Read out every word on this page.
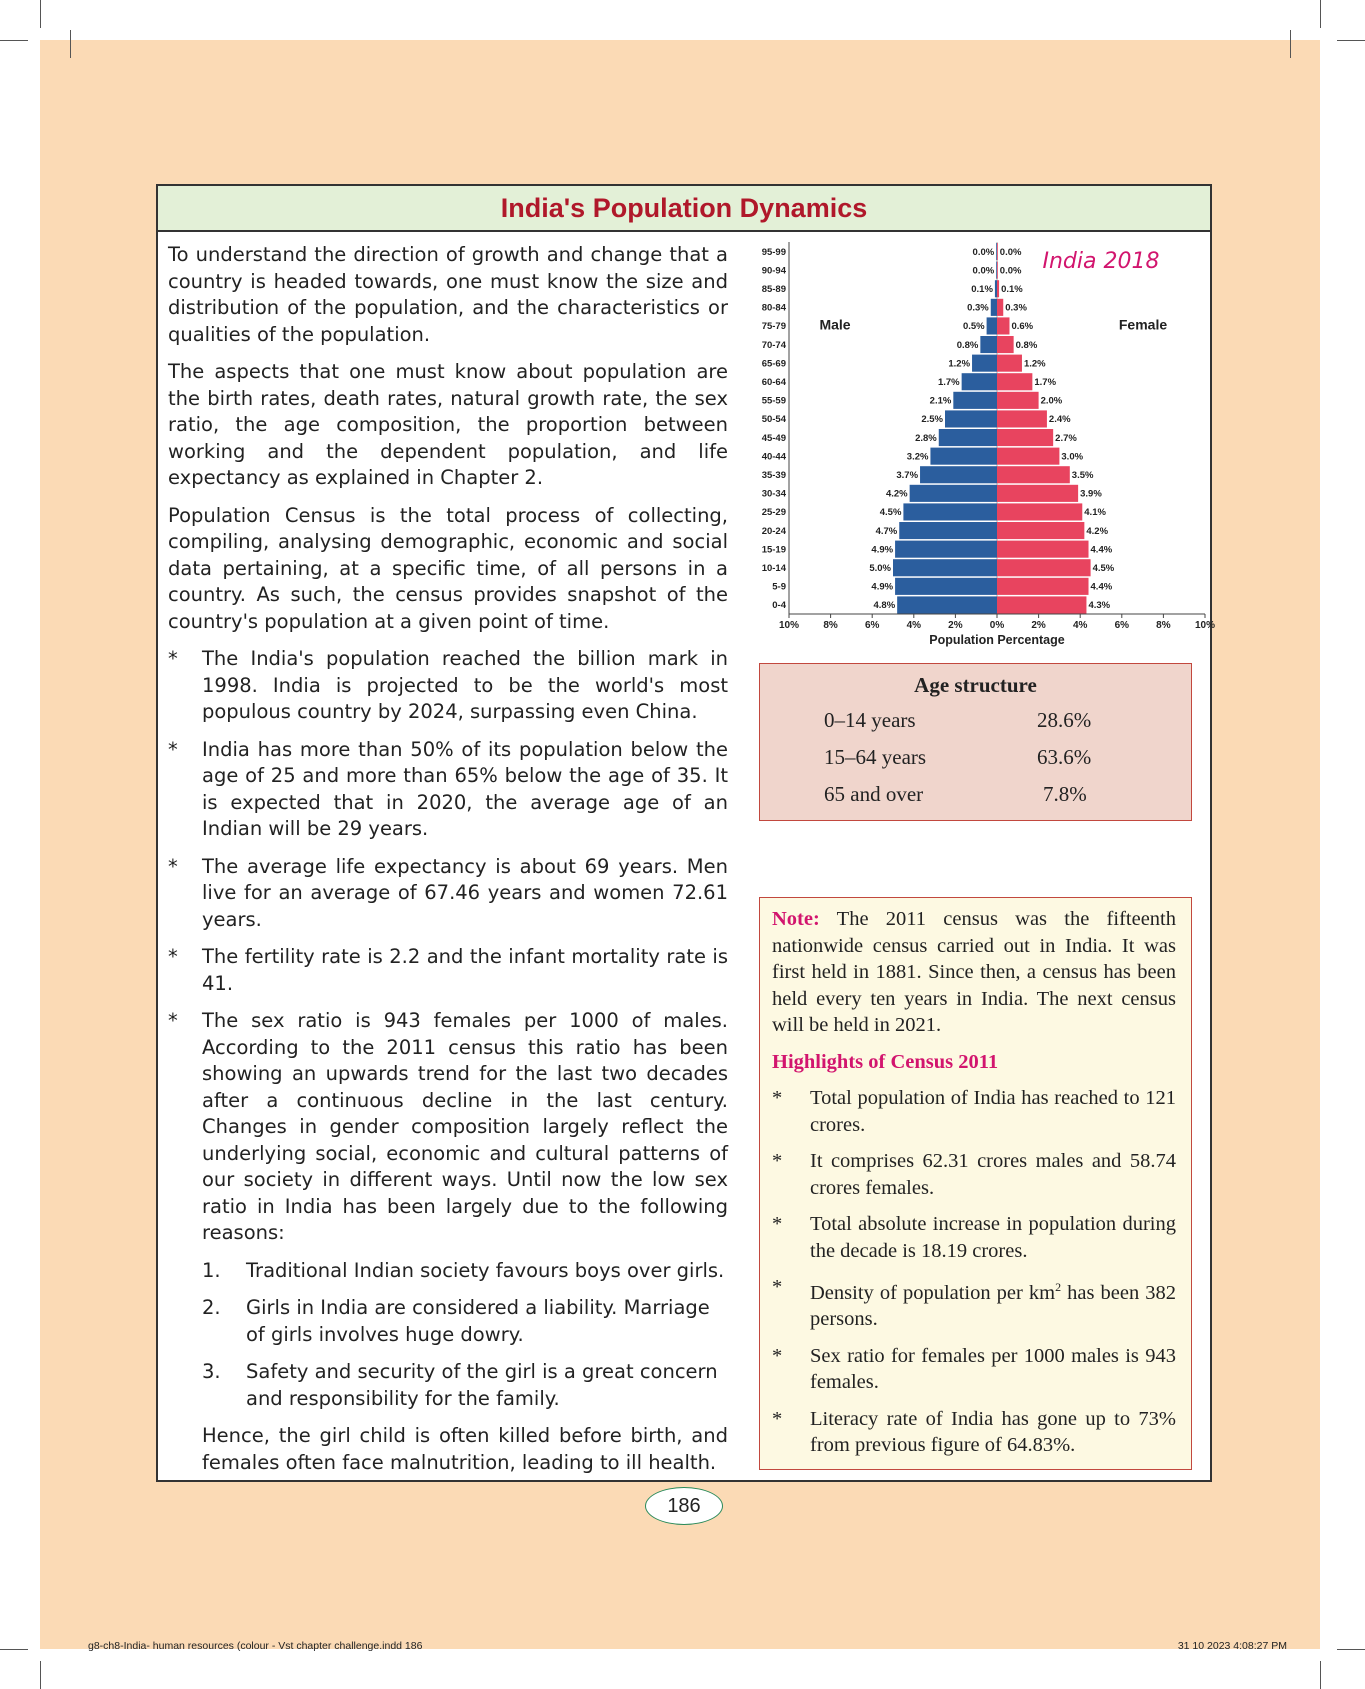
India's Population Dynamics

To understand the direction of growth and change that a country is headed towards, one must know the size and distribution of the population, and the characteristics or qualities of the population.

The aspects that one must know about population are the birth rates, death rates, natural growth rate, the sex ratio, the age composition, the proportion between working and the dependent population, and life expectancy as explained in Chapter 2.

Population Census is the total process of collecting, compiling, analysing demographic, economic and social data pertaining, at a specific time, of all persons in a country. As such, the census provides snapshot of the country's population at a given point of time.

*	The India's population reached the billion mark in 1998. India is projected to be the world's most populous country by 2024, surpassing even China.
*	India has more than 50% of its population below the age of 25 and more than 65% below the age of 35. It is expected that in 2020, the average age of an Indian will be 29 years.
*	The average life expectancy is about 69 years. Men live for an average of 67.46 years and women 72.61 years.
*	The fertility rate is 2.2 and the infant mortality rate is 41.
*	The sex ratio is 943 females per 1000 of males. According to the 2011 census this ratio has been showing an upwards trend for the last two decades after a continuous decline in the last century. Changes in gender composition largely reflect the underlying social, economic and cultural patterns of our society in different ways. Until now the low sex ratio in India has been largely due to the following reasons:
1.	Traditional Indian society favours boys over girls.
2.	Girls in India are considered a liability. Marriage of girls involves huge dowry.
3.	Safety and security of the girl is a great concern and responsibility for the family.

Hence, the girl child is often killed before birth, and females often face malnutrition, leading to ill health.

95-99	0.0% 0.0%
90-94	0.0% 0.0%
85-89	0.1% 0.1%
80-84	0.3% 0.3%
75-79	0.5%	0.6%
70-74	0.8%	0.8%
65-69	1.2%	1.2%
60-64	1.7%	1.7%
55-59	2.1%	2.0%
50-54	2.5%	2.4%
45-49	2.8%	2.7%
40-44	3.2%	3.0%
35-39	3.7%	3.5%
30-34	4.2%	3.9%
25-29	4.5%	4.1%
20-24	4.7%	4.2%
15-19	4.9%	4.4%
10-14	5.0%	4.5%
5-9	4.9%	4.4%
0-4	4.8%	4.3%
10% 8%	6%	4%	2%	0%	2%	4%	6%	8% 10%
Population Percentage
Male	Female
India 2018
Age structure
0–14 years	28.6%
15–64 years	63.6%
65 and over	7.8%

Note: The 2011 census was the fifteenth nationwide census carried out in India. It was first held in 1881. Since then, a census has been held every ten years in India. The next census will be held in 2021.

Highlights of Census 2011
*	Total population of India has reached to 121 crores.
*	It comprises 62.31 crores males and 58.74 crores females.
*	Total absolute increase in population during the decade is 18.19 crores.
*	Density of population per $km^2$ has been 382 persons.
*	Sex ratio for females per 1000 males is 943 females.
*	Literacy rate of India has gone up to 73% from previous figure of 64.83%.
186
g8-ch8-India- human resources (colour - Vst chapter challenge.indd 186	31 10 2023 4:08:27 PM
